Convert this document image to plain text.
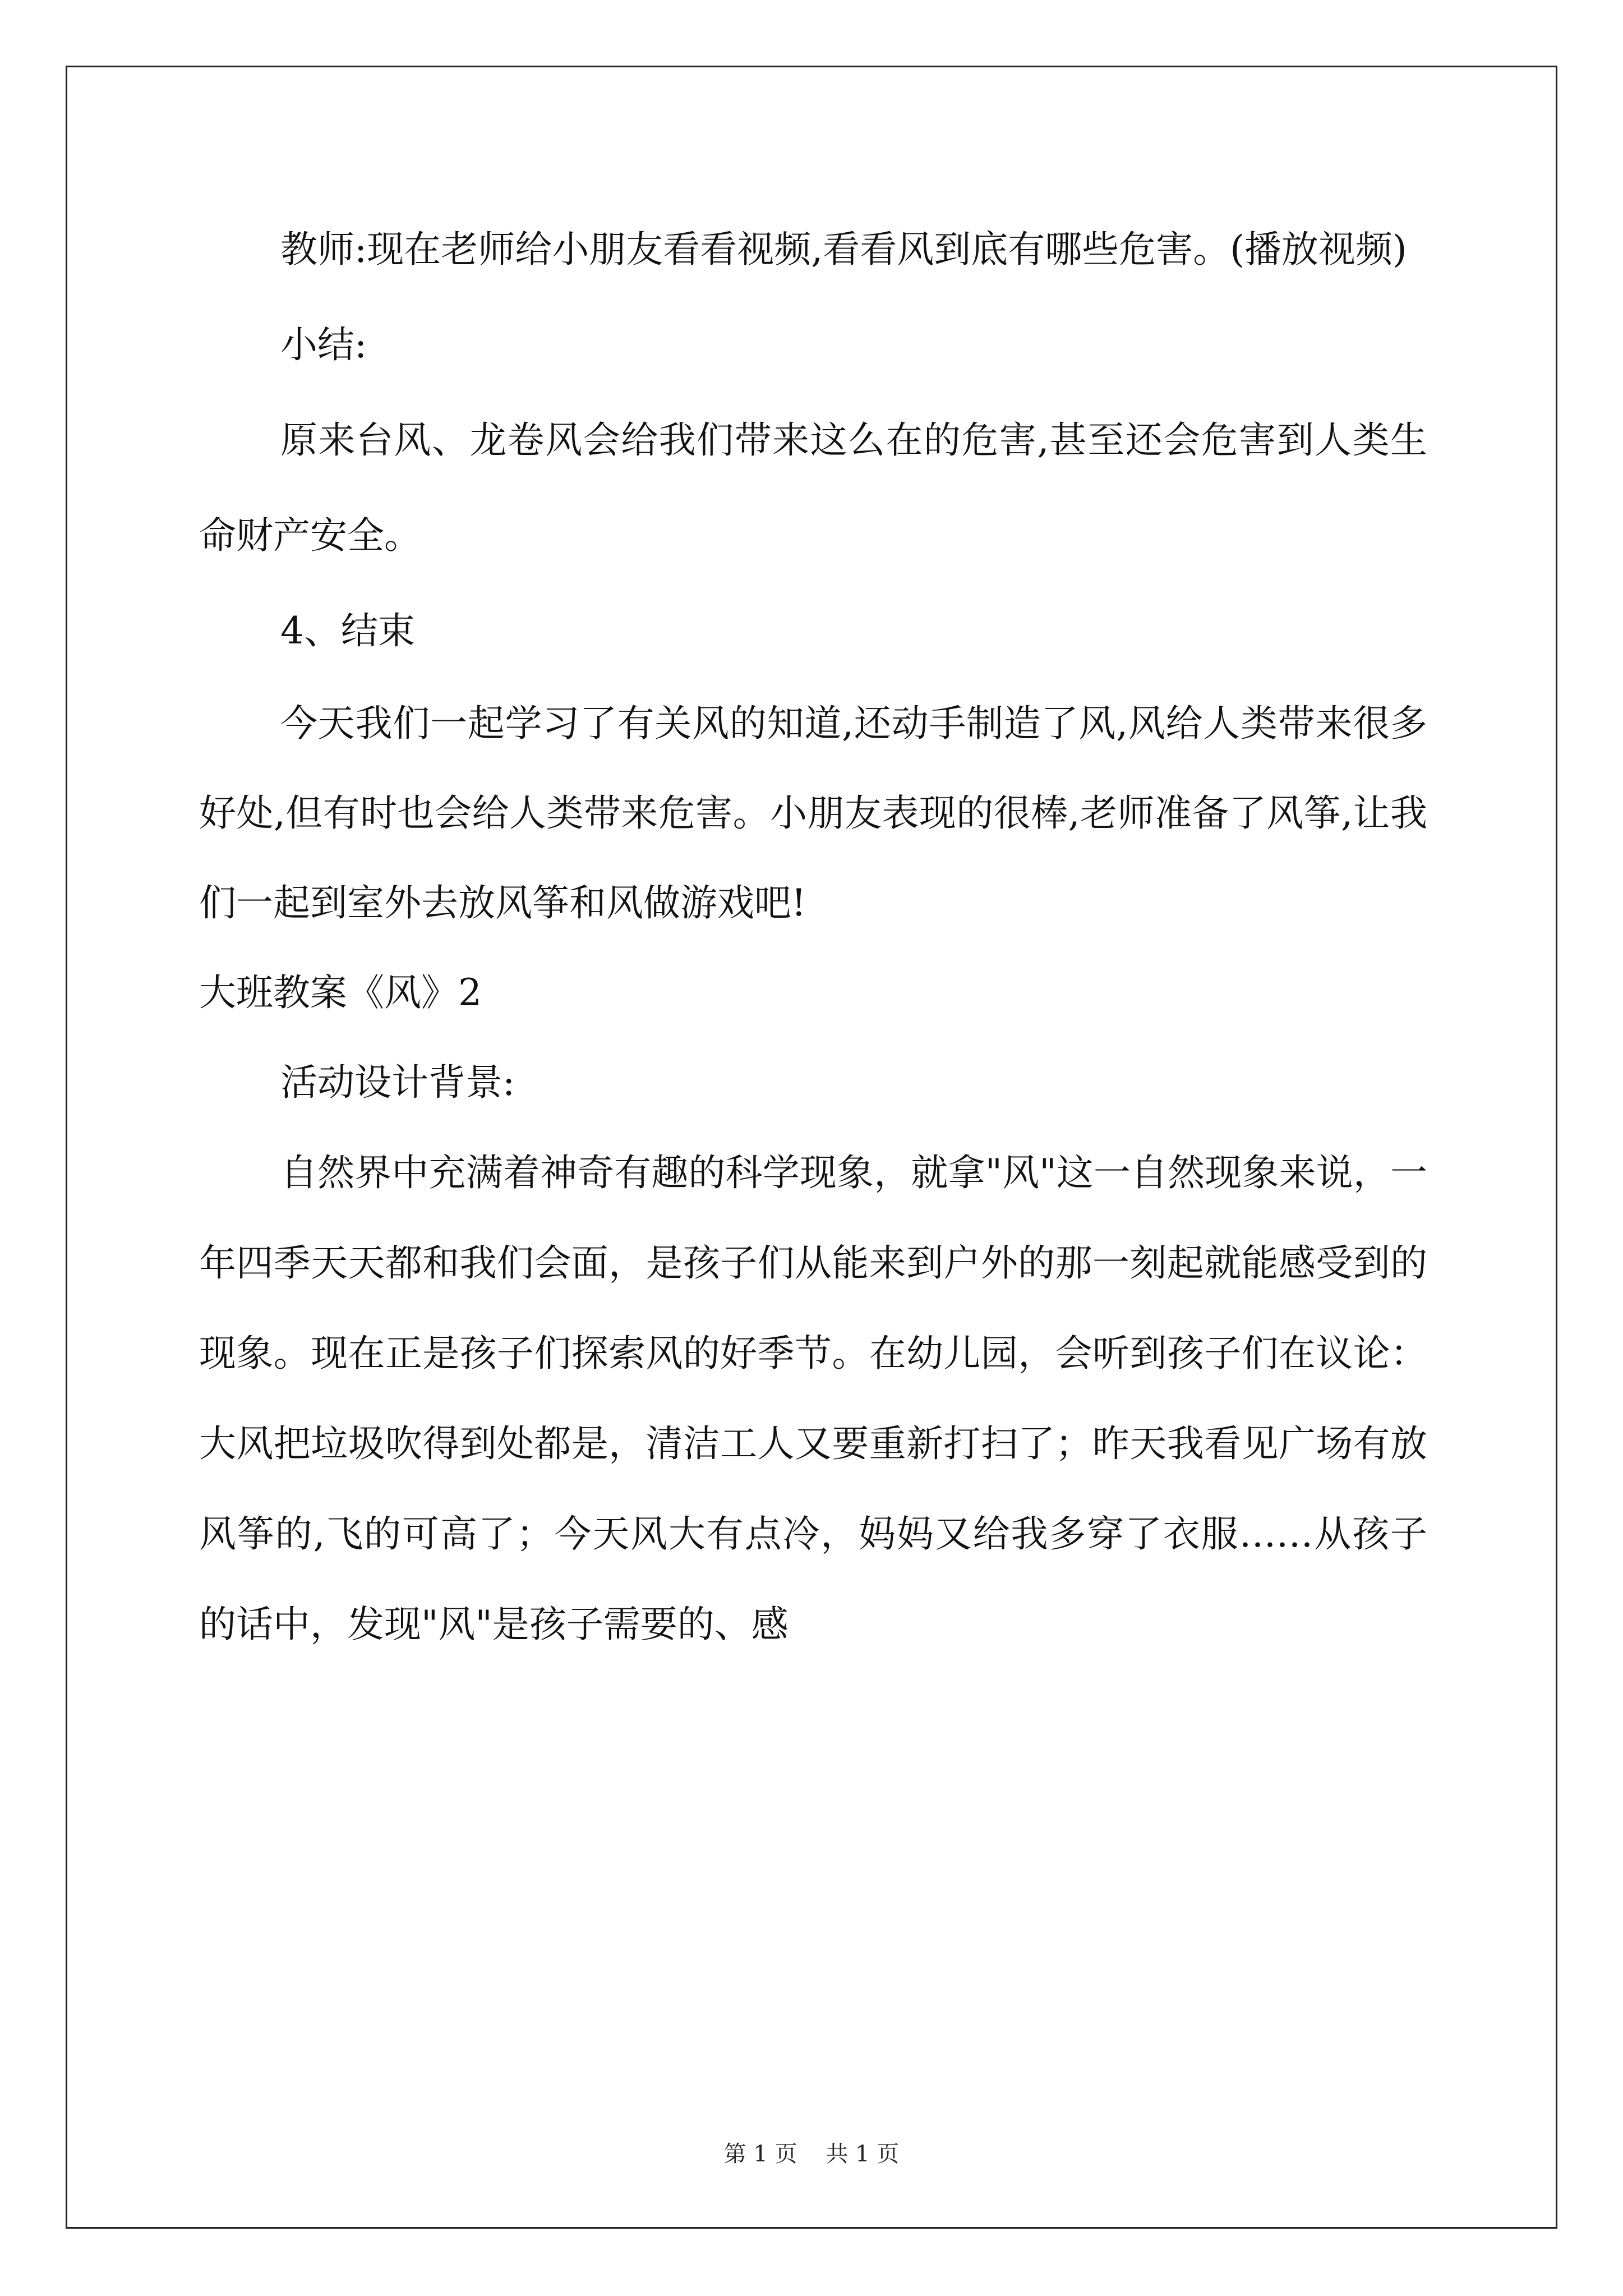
教师:现在老师给小朋友看看视频,看看风到底有哪些危害。(播放视频)

小结:

原来台风、龙卷风会给我们带来这么在的危害,甚至还会危害到人类生命财产安全。

4、结束

今天我们一起学习了有关风的知道,还动手制造了风,风给人类带来很多好处,但有时也会给人类带来危害。小朋友表现的很棒,老师准备了风筝,让我们一起到室外去放风筝和风做游戏吧!

大班教案《风》2

活动设计背景:

自然界中充满着神奇有趣的科学现象，就拿"风"这一自然现象来说，一年四季天天都和我们会面，是孩子们从能来到户外的那一刻起就能感受到的现象。现在正是孩子们探索风的好季节。在幼儿园，会听到孩子们在议论：大风把垃圾吹得到处都是，清洁工人又要重新打扫了；昨天我看见广场有放风筝的,飞的可高了；今天风大有点冷，妈妈又给我多穿了衣服……从孩子的话中，发现"风"是孩子需要的、感

第 1 页    共 1 页
